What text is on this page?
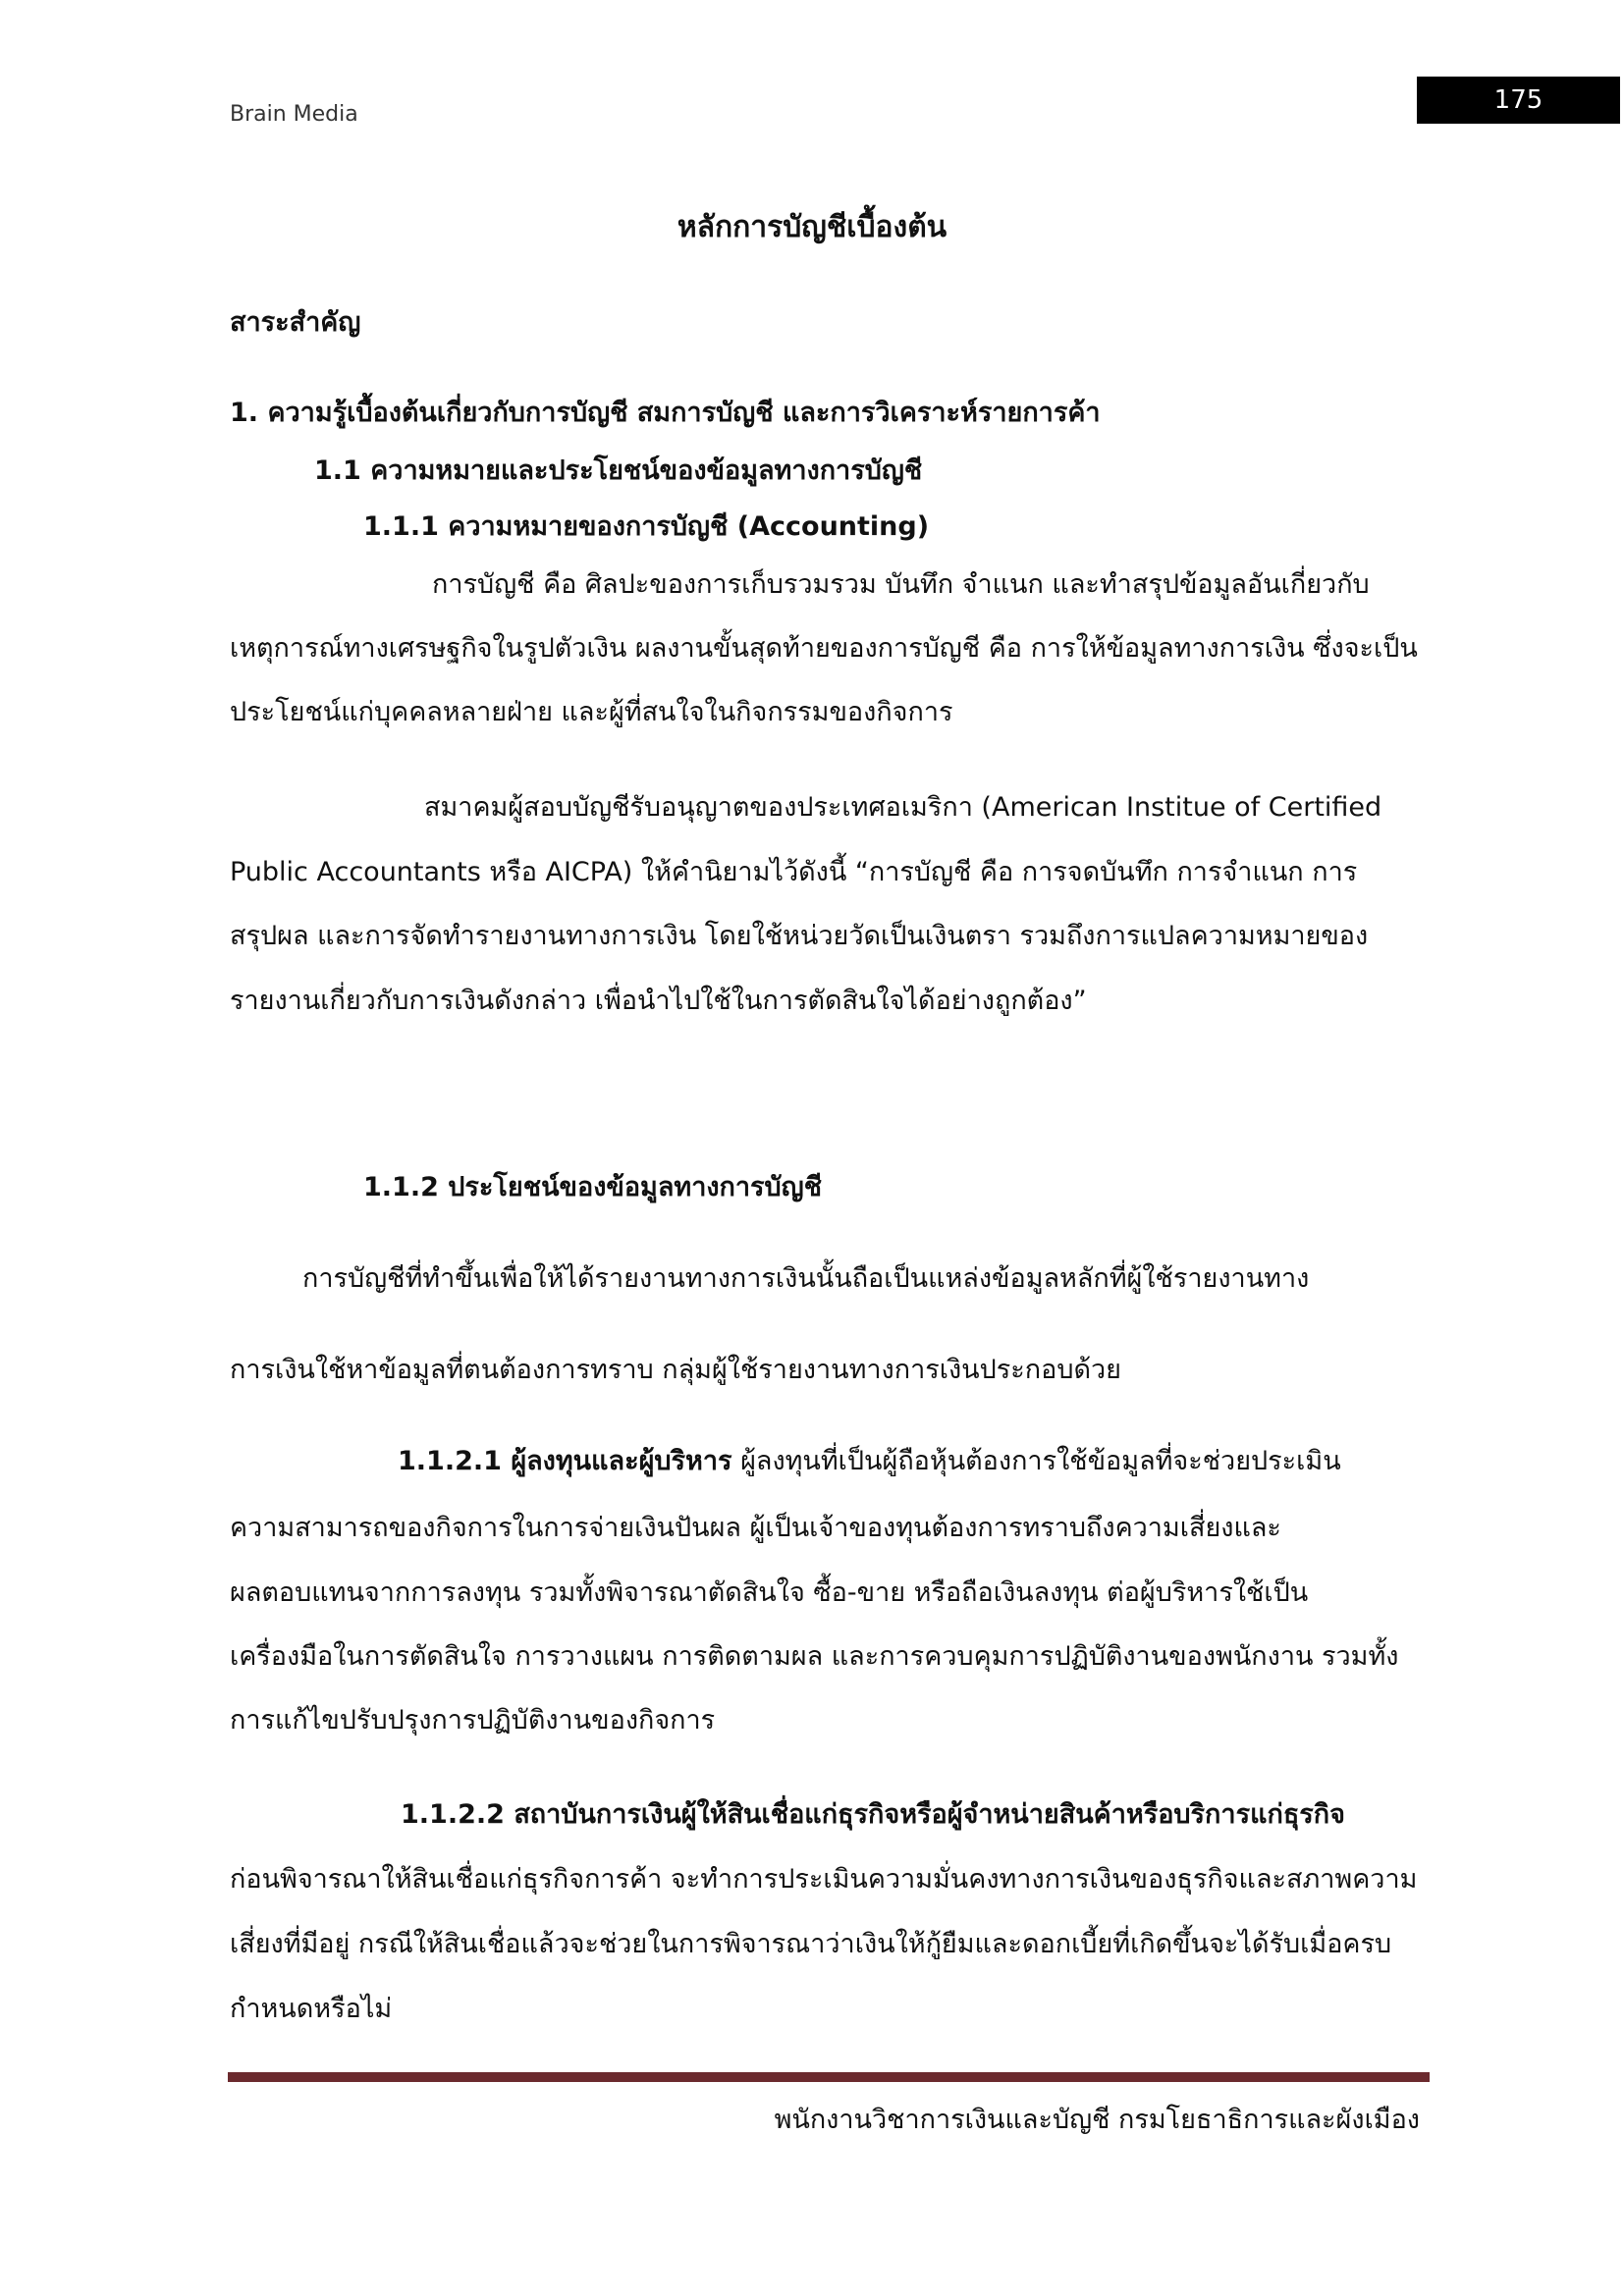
Brain Media	175
หลักการบัญชีเบื้องต้น
สาระสำคัญ
1. ความรู้เบื้องต้นเกี่ยวกับการบัญชี สมการบัญชี และการวิเคราะห์รายการค้า
1.1 ความหมายและประโยชน์ของข้อมูลทางการบัญชี
1.1.1 ความหมายของการบัญชี (Accounting)
การบัญชี คือ ศิลปะของการเก็บรวมรวม บันทึก จำแนก และทำสรุปข้อมูลอันเกี่ยวกับ
เหตุการณ์ทางเศรษฐกิจในรูปตัวเงิน ผลงานขั้นสุดท้ายของการบัญชี คือ การให้ข้อมูลทางการเงิน ซึ่งจะเป็น
ประโยชน์แก่บุคคลหลายฝ่าย และผู้ที่สนใจในกิจกรรมของกิจการ
สมาคมผู้สอบบัญชีรับอนุญาตของประเทศอเมริกา (American Institue of Certified
Public Accountants หรือ AICPA) ให้คำนิยามไว้ดังนี้ “การบัญชี คือ การจดบันทึก การจำแนก การ
สรุปผล และการจัดทำรายงานทางการเงิน โดยใช้หน่วยวัดเป็นเงินตรา รวมถึงการแปลความหมายของ
รายงานเกี่ยวกับการเงินดังกล่าว เพื่อนำไปใช้ในการตัดสินใจได้อย่างถูกต้อง”
1.1.2 ประโยชน์ของข้อมูลทางการบัญชี
การบัญชีที่ทำขึ้นเพื่อให้ได้รายงานทางการเงินนั้นถือเป็นแหล่งข้อมูลหลักที่ผู้ใช้รายงานทาง
การเงินใช้หาข้อมูลที่ตนต้องการทราบ กลุ่มผู้ใช้รายงานทางการเงินประกอบด้วย
1.1.2.1 ผู้ลงทุนและผู้บริหาร ผู้ลงทุนที่เป็นผู้ถือหุ้นต้องการใช้ข้อมูลที่จะช่วยประเมิน
ความสามารถของกิจการในการจ่ายเงินปันผล ผู้เป็นเจ้าของทุนต้องการทราบถึงความเสี่ยงและ
ผลตอบแทนจากการลงทุน รวมทั้งพิจารณาตัดสินใจ ซื้อ-ขาย หรือถือเงินลงทุน ต่อผู้บริหารใช้เป็น
เครื่องมือในการตัดสินใจ การวางแผน การติดตามผล และการควบคุมการปฏิบัติงานของพนักงาน รวมทั้ง
การแก้ไขปรับปรุงการปฏิบัติงานของกิจการ
1.1.2.2 สถาบันการเงินผู้ให้สินเชื่อแก่ธุรกิจหรือผู้จำหน่ายสินค้าหรือบริการแก่ธุรกิจ
ก่อนพิจารณาให้สินเชื่อแก่ธุรกิจการค้า จะทำการประเมินความมั่นคงทางการเงินของธุรกิจและสภาพความ
เสี่ยงที่มีอยู่ กรณีให้สินเชื่อแล้วจะช่วยในการพิจารณาว่าเงินให้กู้ยืมและดอกเบี้ยที่เกิดขึ้นจะได้รับเมื่อครบ
กำหนดหรือไม่
พนักงานวิชาการเงินและบัญชี กรมโยธาธิการและผังเมือง
